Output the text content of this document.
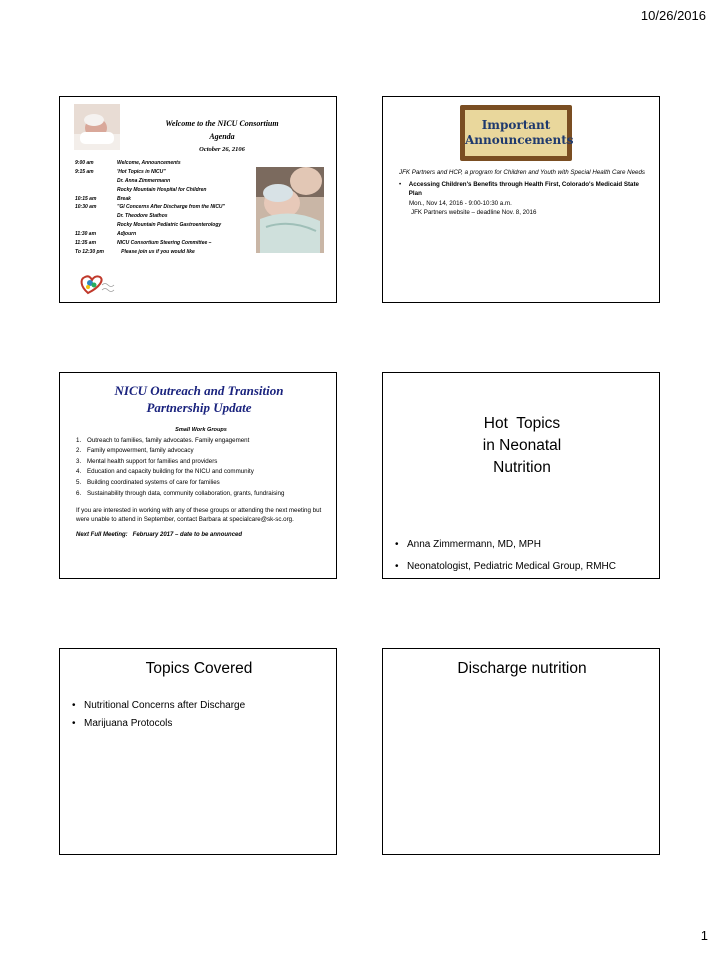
10/26/2016
Welcome to the NICU Consortium
Agenda
October 26, 2106
9:00 am	Welcome, Announcements
9:15 am	'Hot Topics in NICU"
Dr. Anna Zimmermann
Rocky Mountain Hospital for Children
10:15 am	Break
10:30 am	"GI Concerns After Discharge from the NICU"
Dr. Theodore Stathos
Rocky Mountain Pediatric Gastroenterology
11:30 am	Adjourn
11:35 am	NICU Consortium Steering Committee –
To 12:30 pm	Please join us if you would like
Important
Announcements
JFK Partners and HCP, a program for Children and Youth with Special Health Care Needs
•	Accessing Children's Benefits through Health First, Colorado's Medicaid State Plan
Mon., Nov 14, 2016 - 9:00-10:30 a.m.
JFK Partners website – deadline Nov. 8, 2016
NICU Outreach and Transition
Partnership Update
Small Work Groups
1. Outreach to families, family advocates. Family engagement
2. Family empowerment, family advocacy
3. Mental health support for families and providers
4. Education and capacity building for the NICU and community
5. Building coordinated systems of care for families
6. Sustainability through data, community collaboration, grants, fundraising
If you are interested in working with any of these groups or attending the next meeting but were unable to attend in September, contact Barbara at specialcare@sk-sc.org.
Next Full Meeting:   February 2017 – date to be announced
Hot  Topics
in Neonatal
Nutrition
• Anna Zimmermann, MD, MPH
• Neonatologist, Pediatric Medical Group, RMHC
Topics Covered
• Nutritional Concerns after Discharge
• Marijuana Protocols
Discharge nutrition
1
